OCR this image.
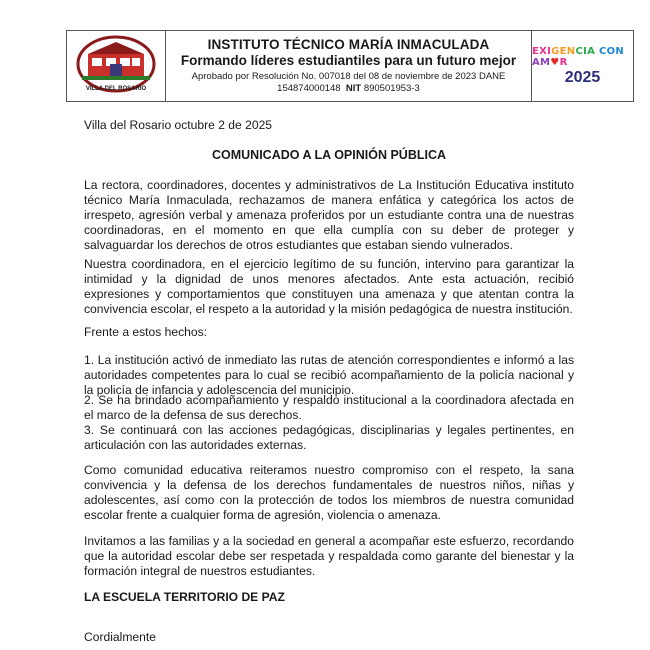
VILLA DEL ROSARIO
INSTITUTO TÉCNICO MARÍA INMACULADA
Formando líderes estudiantiles para un futuro mejor
Aprobado por Resolución No. 007018 del 08 de noviembre de 2023 DANE
154874000148 NIT 890501953-3
EXIGENCIA CON AM♥R
2025
Villa del Rosario octubre 2 de 2025
COMUNICADO A LA OPINIÓN PÚBLICA

La rectora, coordinadores, docentes y administrativos de La Institución Educativa instituto técnico María Inmaculada, rechazamos de manera enfática y categórica los actos de irrespeto, agresión verbal y amenaza proferidos por un estudiante contra una de nuestras coordinadoras, en el momento en que ella cumplía con su deber de proteger y salvaguardar los derechos de otros estudiantes que estaban siendo vulnerados.

Nuestra coordinadora, en el ejercicio legítimo de su función, intervino para garantizar la intimidad y la dignidad de unos menores afectados. Ante esta actuación, recibió expresiones y comportamientos que constituyen una amenaza y que atentan contra la convivencia escolar, el respeto a la autoridad y la misión pedagógica de nuestra institución.

Frente a estos hechos:

1. La institución activó de inmediato las rutas de atención correspondientes e informó a las autoridades competentes para lo cual se recibió acompañamiento de la policía nacional y la policía de infancia y adolescencia del municipio.

2. Se ha brindado acompañamiento y respaldo institucional a la coordinadora afectada en el marco de la defensa de sus derechos.

3. Se continuará con las acciones pedagógicas, disciplinarias y legales pertinentes, en articulación con las autoridades externas.

Como comunidad educativa reiteramos nuestro compromiso con el respeto, la sana convivencia y la defensa de los derechos fundamentales de nuestros niños, niñas y adolescentes, así como con la protección de todos los miembros de nuestra comunidad escolar frente a cualquier forma de agresión, violencia o amenaza.

Invitamos a las familias y a la sociedad en general a acompañar este esfuerzo, recordando que la autoridad escolar debe ser respetada y respaldada como garante del bienestar y la formación integral de nuestros estudiantes.

LA ESCUELA TERRITORIO DE PAZ
Cordialmente
